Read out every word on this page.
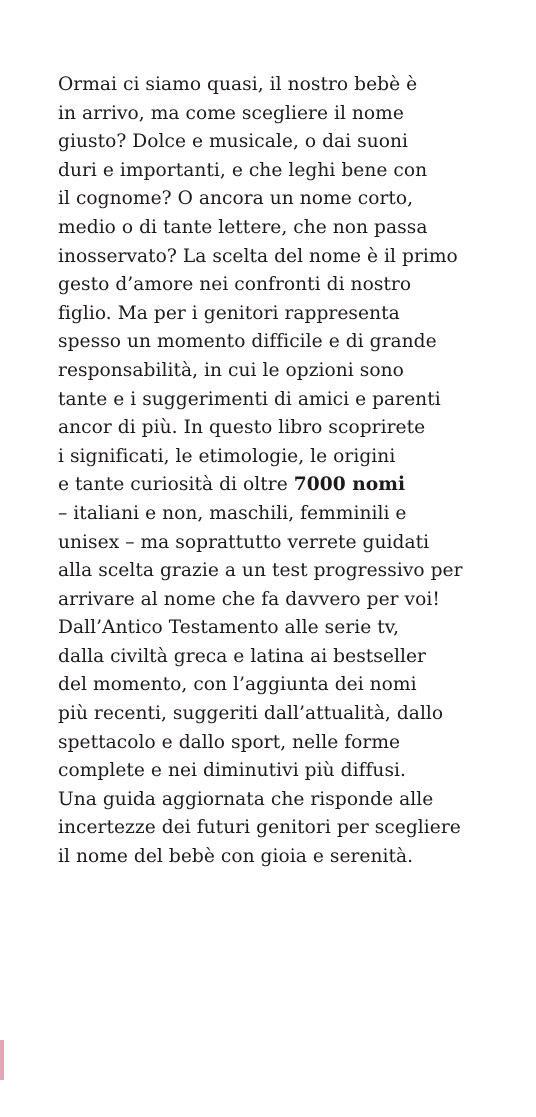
Ormai ci siamo quasi, il nostro bebè è
in arrivo, ma come scegliere il nome
giusto? Dolce e musicale, o dai suoni
duri e importanti, e che leghi bene con
il cognome? O ancora un nome corto,
medio o di tante lettere, che non passa
inosservato? La scelta del nome è il primo
gesto d’amore nei confronti di nostro
figlio. Ma per i genitori rappresenta
spesso un momento difficile e di grande
responsabilità, in cui le opzioni sono
tante e i suggerimenti di amici e parenti
ancor di più. In questo libro scoprirete
i significati, le etimologie, le origini
e tante curiosità di oltre 7000 nomi
– italiani e non, maschili, femminili e
unisex – ma soprattutto verrete guidati
alla scelta grazie a un test progressivo per
arrivare al nome che fa davvero per voi!
Dall’Antico Testamento alle serie tv,
dalla civiltà greca e latina ai bestseller
del momento, con l’aggiunta dei nomi
più recenti, suggeriti dall’attualità, dallo
spettacolo e dallo sport, nelle forme
complete e nei diminutivi più diffusi.
Una guida aggiornata che risponde alle
incertezze dei futuri genitori per scegliere
il nome del bebè con gioia e serenità.
